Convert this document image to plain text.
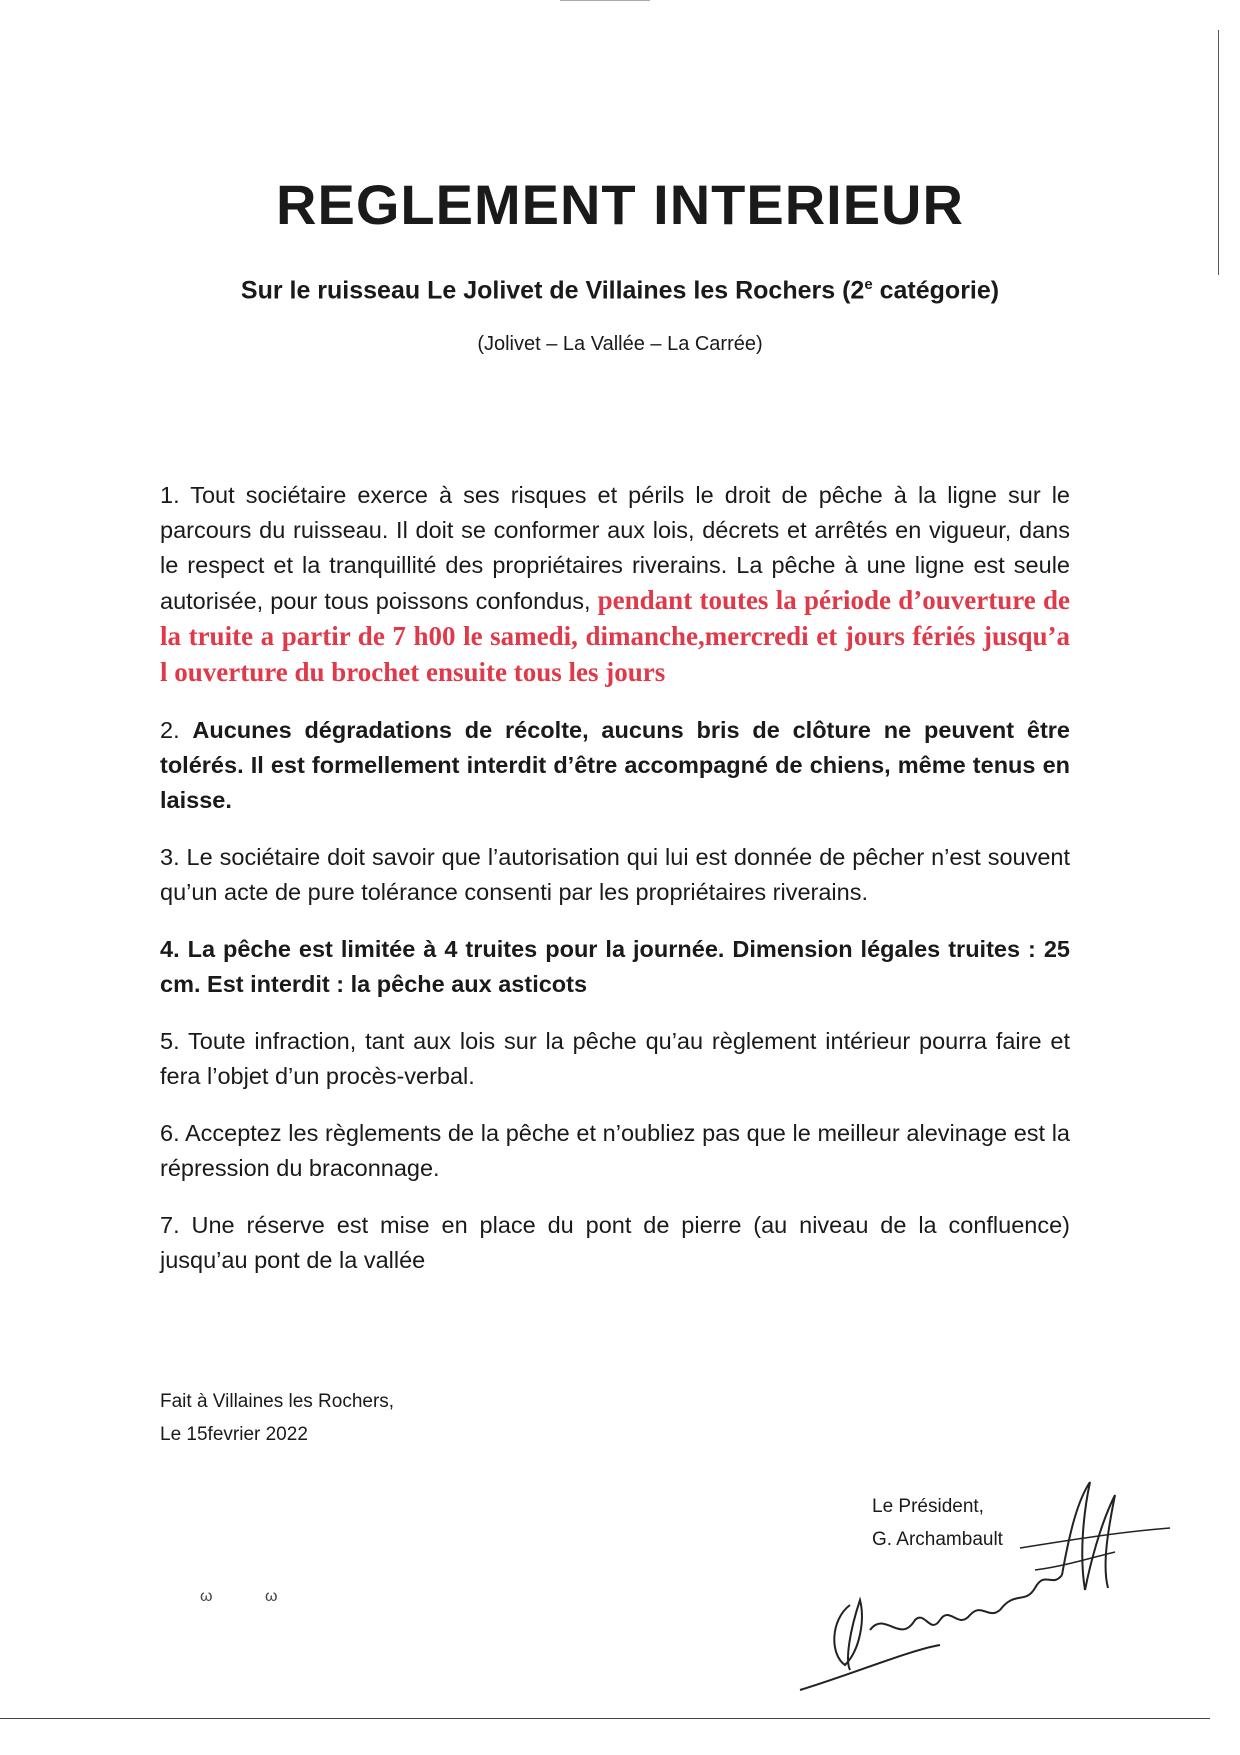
REGLEMENT INTERIEUR

Sur le ruisseau Le Jolivet de Villaines les Rochers (2e catégorie)

(Jolivet – La Vallée – La Carrée)

1. Tout sociétaire exerce à ses risques et périls le droit de pêche à la ligne sur le parcours du ruisseau. Il doit se conformer aux lois, décrets et arrêtés en vigueur, dans le respect et la tranquillité des propriétaires riverains. La pêche à une ligne est seule autorisée, pour tous poissons confondus, pendant toutes la période d’ouverture de la truite a partir de 7 h00 le samedi, dimanche,mercredi et jours fériés jusqu’a l ouverture du brochet ensuite tous les jours
2. Aucunes dégradations de récolte, aucuns bris de clôture ne peuvent être tolérés. Il est formellement interdit d’être accompagné de chiens, même tenus en laisse.
3. Le sociétaire doit savoir que l’autorisation qui lui est donnée de pêcher n’est souvent qu’un acte de pure tolérance consenti par les propriétaires riverains.
4. La pêche est limitée à 4 truites pour la journée. Dimension légales truites : 25 cm. Est interdit : la pêche aux asticots
5. Toute infraction, tant aux lois sur la pêche qu’au règlement intérieur pourra faire et fera l’objet d’un procès-verbal.
6. Acceptez les règlements de la pêche et n’oubliez pas que le meilleur alevinage est la répression du braconnage.
7. Une réserve est mise en place du pont de pierre (au niveau de la confluence) jusqu’au pont de la vallée
Fait à Villaines les Rochers,
Le 15fevrier 2022
Le Président,
G. Archambault
ω	ω
